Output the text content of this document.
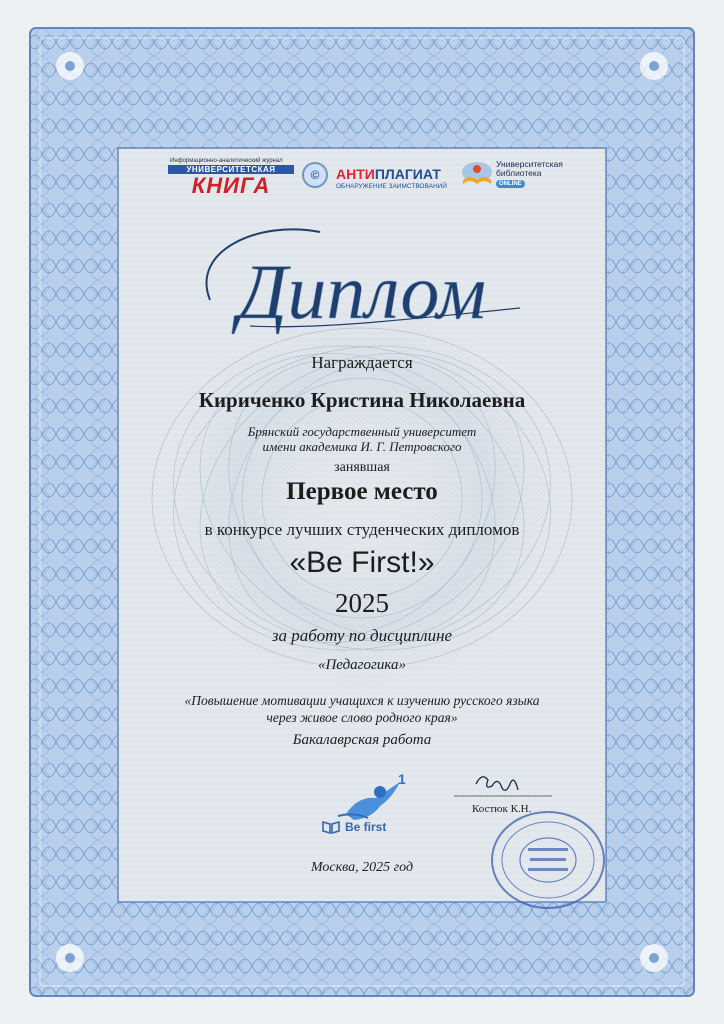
Диплом
Информационно-аналитический журнал
УНИВЕРСИТЕТСКАЯ
КНИГА	©	АНТИПЛАГИАТ
ОБНАРУЖЕНИЕ ЗАИМСТВОВАНИЙ
Университетская
библиотека
ONLINE
Награждается
Кириченко Кристина Николаевна
Брянский государственный университет
имени академика И. Г. Петровского
занявшая
Первое место
в конкурсе лучших студенческих дипломов
«Be First!»
2025
за работу по дисциплине
«Педагогика»
«Повышение мотивации учащихся к изучению русского языка
через живое слово родного края»
Бакалаврская работа
1
Be first
Костюк К.Н.
Москва, 2025 год
